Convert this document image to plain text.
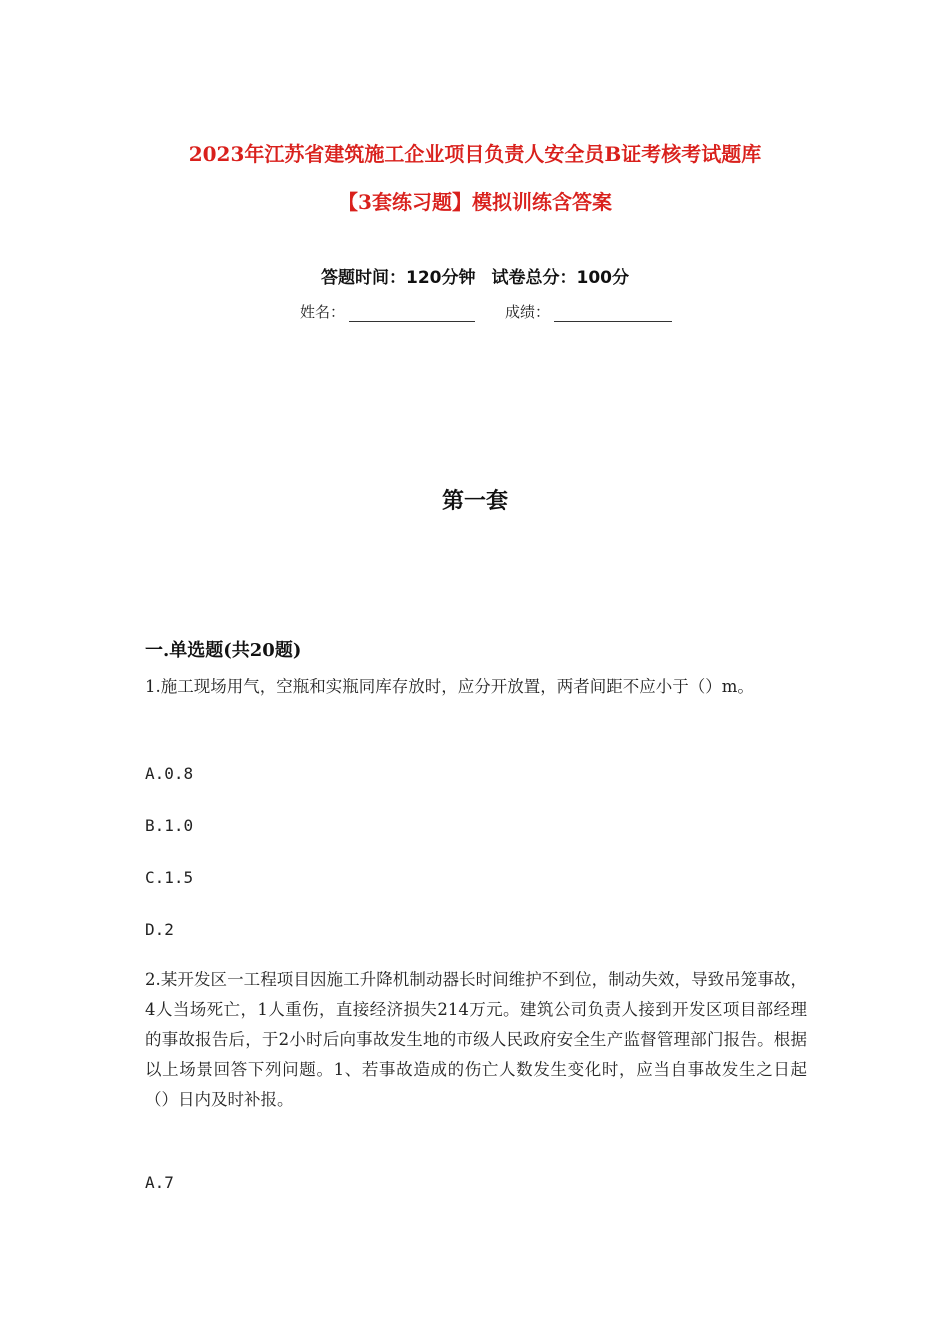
2023年江苏省建筑施工企业项目负责人安全员B证考核考试题库
【3套练习题】模拟训练含答案
答题时间：120分钟 试卷总分：100分
姓名：	成绩：
第一套
一.单选题(共20题)
1.施工现场用气，空瓶和实瓶同库存放时，应分开放置，两者间距不应小于（）m。
A.0.8
B.1.0
C.1.5
D.2
2.某开发区一工程项目因施工升降机制动器长时间维护不到位，制动失效，导致吊笼事故，4人当场死亡，1人重伤，直接经济损失214万元。建筑公司负责人接到开发区项目部经理的事故报告后，于2小时后向事故发生地的市级人民政府安全生产监督管理部门报告。根据以上场景回答下列问题。1、若事故造成的伤亡人数发生变化时，应当自事故发生之日起（）日内及时补报。
A.7
